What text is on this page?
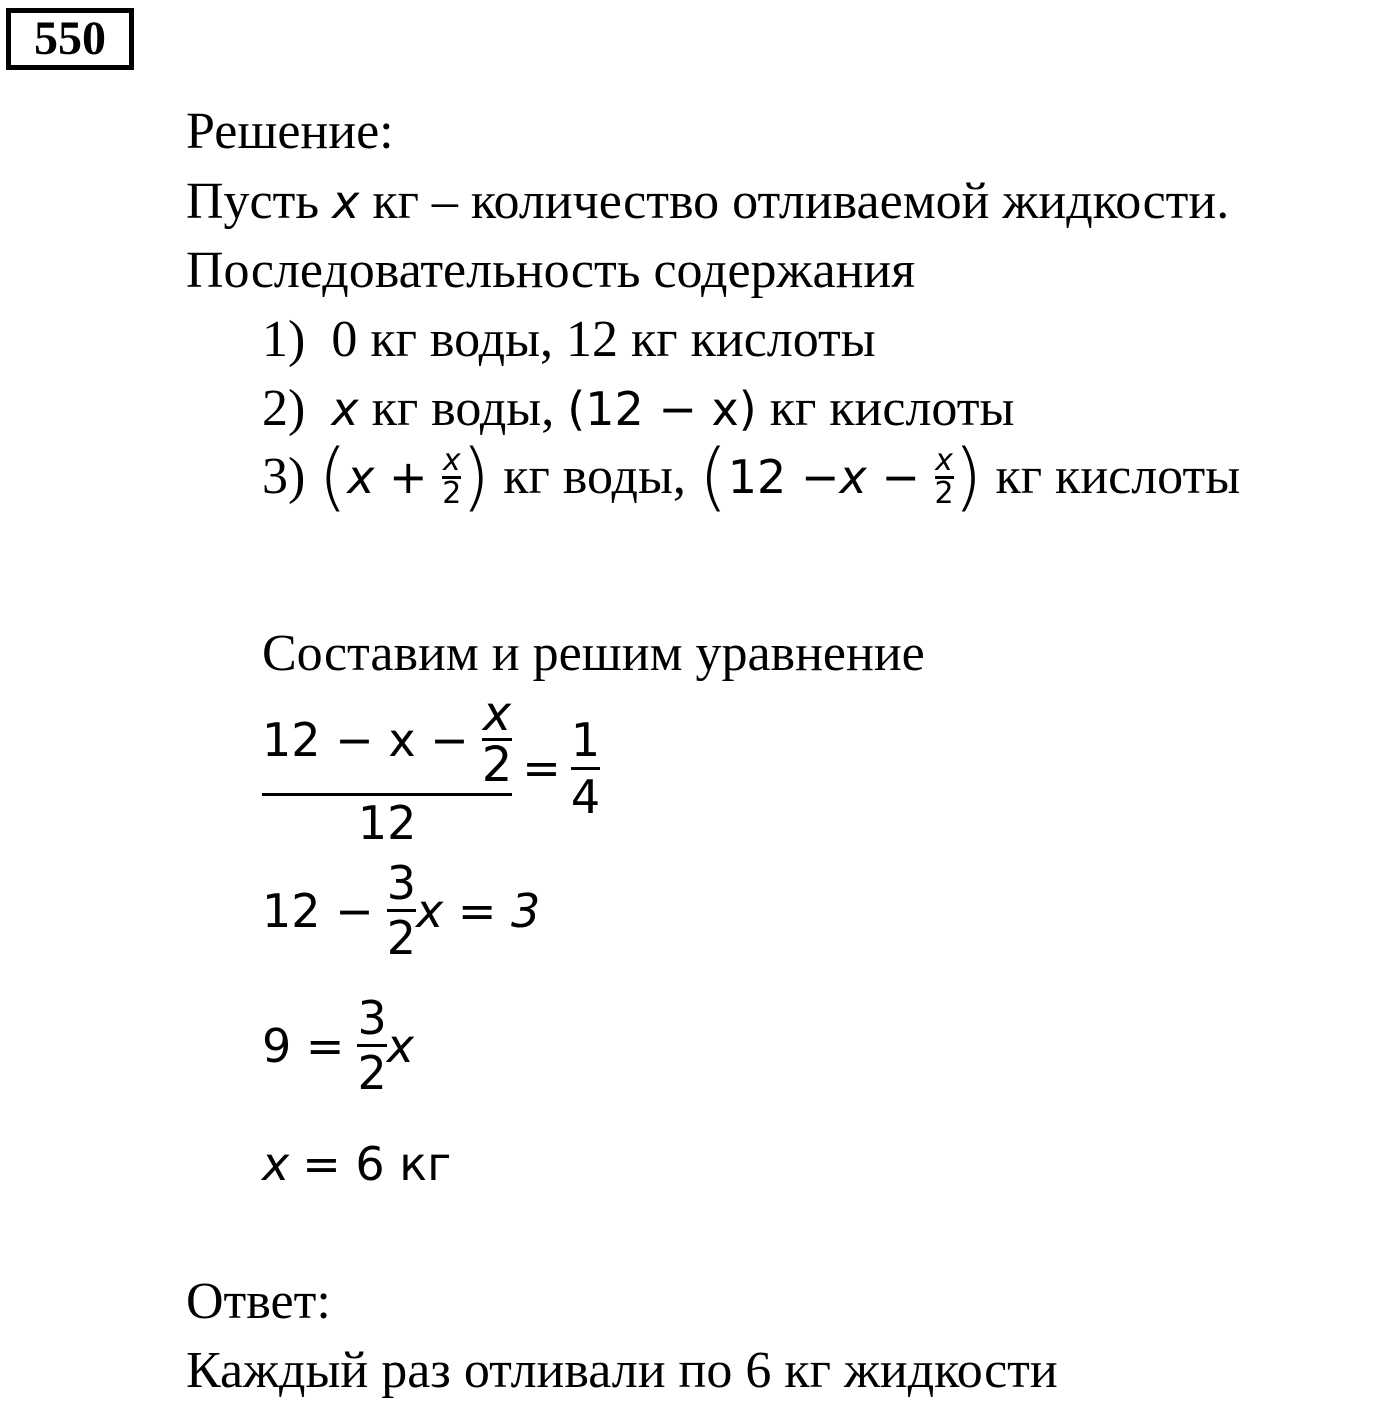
550
Решение:
Пусть x кг – количество отливаемой жидкости.
Последовательность содержания
1) 0 кг воды, 12 кг кислоты
2) x кг воды, (12 − x) кг кислоты
3)
( $x + \frac{x}{2}$ )
кг воды,
( $12 - x - \frac{x}{2}$ )
кг кислоты
Составим и решим уравнение
12 − x −
$\frac{x}{2}$
$12 = \frac{1}{4}$
12 −
$\frac{3}{2}$ x = 3
9 =
$\frac{3}{2}$ x
x = 6 кг
Ответ:
Каждый раз отливали по 6 кг жидкости
